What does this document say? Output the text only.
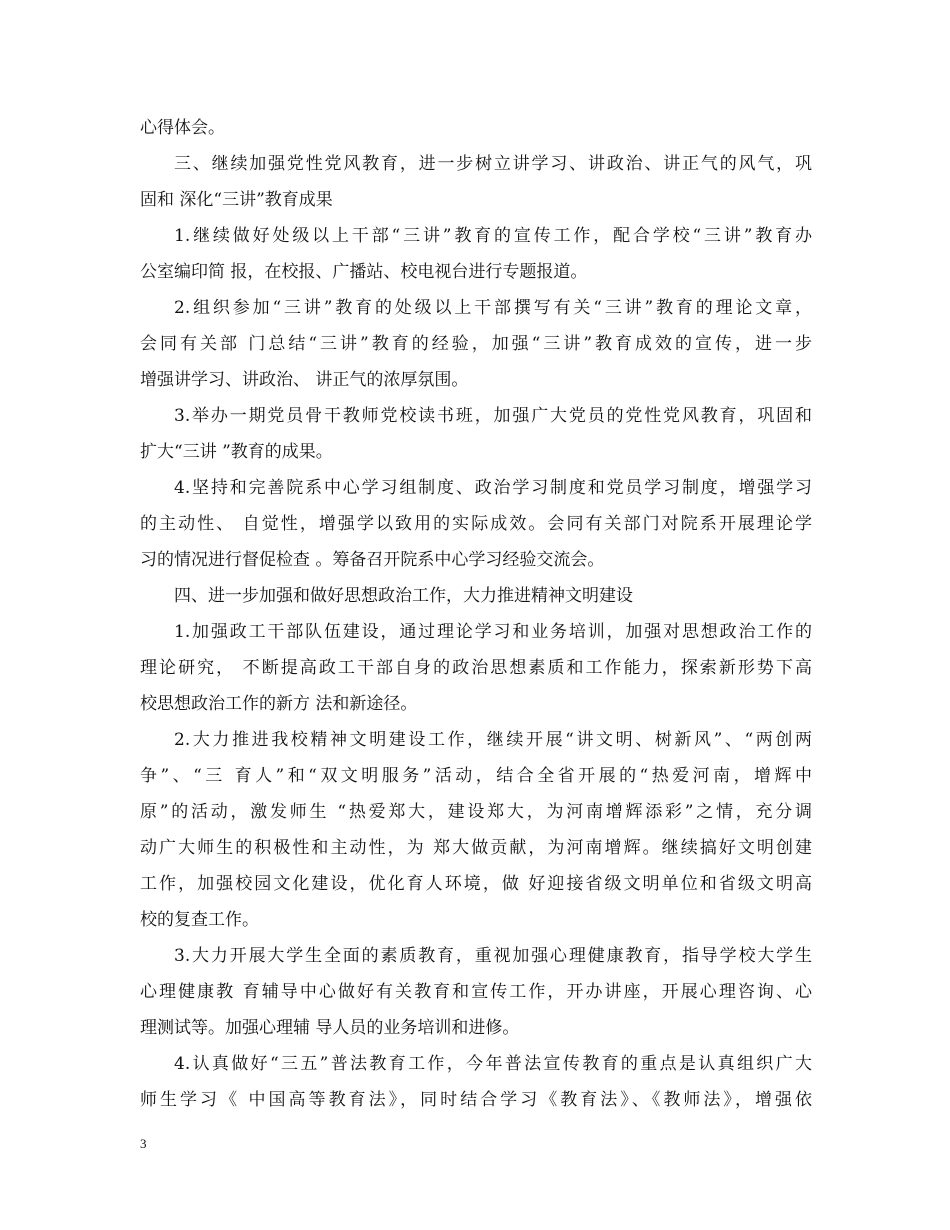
心得体会。
三、继续加强党性党风教育，进一步树立讲学习、讲政治、讲正气的风气，巩
固和 深化“三讲”教育成果
1.继续做好处级以上干部“三讲”教育的宣传工作，配合学校“三讲”教育办
公室编印简 报，在校报、广播站、校电视台进行专题报道。
2.组织参加“三讲”教育的处级以上干部撰写有关“三讲”教育的理论文章，
会同有关部 门总结“三讲”教育的经验，加强“三讲”教育成效的宣传，进一步
增强讲学习、讲政治、 讲正气的浓厚氛围。
3.举办一期党员骨干教师党校读书班，加强广大党员的党性党风教育，巩固和
扩大“三讲 ”教育的成果。
4.坚持和完善院系中心学习组制度、政治学习制度和党员学习制度，增强学习
的主动性、 自觉性，增强学以致用的实际成效。会同有关部门对院系开展理论学
习的情况进行督促检查 。筹备召开院系中心学习经验交流会。
四、进一步加强和做好思想政治工作，大力推进精神文明建设
1.加强政工干部队伍建设，通过理论学习和业务培训，加强对思想政治工作的
理论研究， 不断提高政工干部自身的政治思想素质和工作能力，探索新形势下高
校思想政治工作的新方 法和新途径。
2.大力推进我校精神文明建设工作，继续开展“讲文明、树新风”、“两创两
争”、“三 育人”和“双文明服务”活动，结合全省开展的“热爱河南，增辉中
原”的活动，激发师生 “热爱郑大，建设郑大，为河南增辉添彩”之情，充分调
动广大师生的积极性和主动性，为 郑大做贡献，为河南增辉。继续搞好文明创建
工作，加强校园文化建设，优化育人环境，做 好迎接省级文明单位和省级文明高
校的复查工作。
3.大力开展大学生全面的素质教育，重视加强心理健康教育，指导学校大学生
心理健康教 育辅导中心做好有关教育和宣传工作，开办讲座，开展心理咨询、心
理测试等。加强心理辅 导人员的业务培训和进修。
4.认真做好“三五”普法教育工作，今年普法宣传教育的重点是认真组织广大
师生学习《 中国高等教育法》，同时结合学习《教育法》、《教师法》，增强依
3
